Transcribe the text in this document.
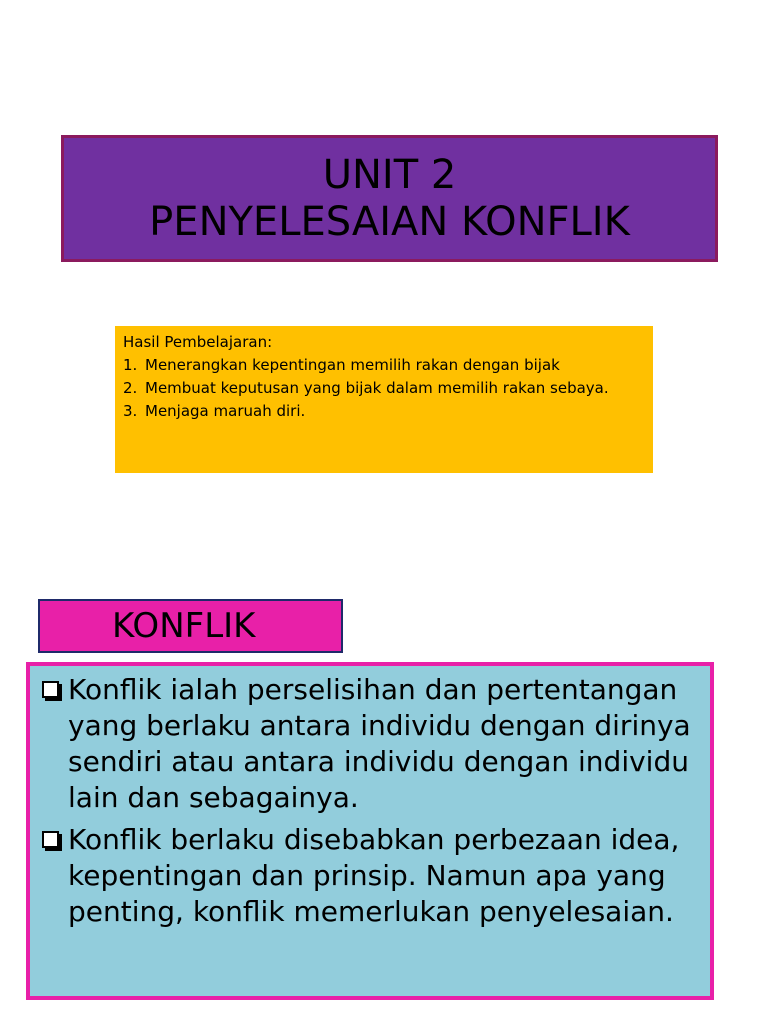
UNIT 2
PENYELESAIAN KONFLIK

Hasil Pembelajaran:

1. Menerangkan kepentingan memilih rakan dengan bijak
2. Membuat keputusan yang bijak dalam memilih rakan sebaya.
3. Menjaga maruah diri.
KONFLIK
Konflik ialah perselisihan dan pertentangan yang berlaku antara individu dengan dirinya sendiri atau antara individu dengan individu lain dan sebagainya.
Konflik berlaku disebabkan perbezaan idea, kepentingan dan prinsip. Namun apa yang penting, konflik memerlukan penyelesaian.
